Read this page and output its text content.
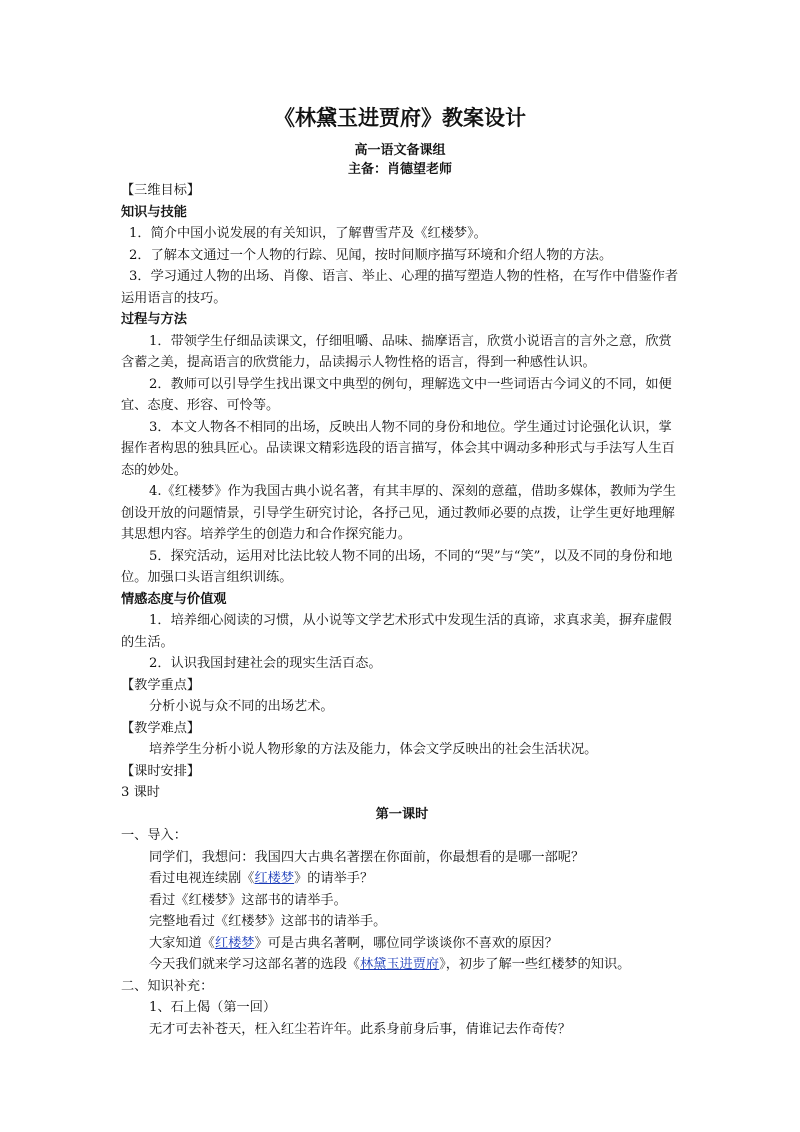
《林黛玉进贾府》教案设计
高一语文备课组
主备：肖德望老师

【三维目标】

知识与技能

1．简介中国小说发展的有关知识，了解曹雪芹及《红楼梦》。

2．了解本文通过一个人物的行踪、见闻，按时间顺序描写环境和介绍人物的方法。

3．学习通过人物的出场、肖像、语言、举止、心理的描写塑造人物的性格，在写作中借鉴作者运用语言的技巧。

过程与方法

1．带领学生仔细品读课文，仔细咀嚼、品味、揣摩语言，欣赏小说语言的言外之意，欣赏含蓄之美，提高语言的欣赏能力，品读揭示人物性格的语言，得到一种感性认识。

2．教师可以引导学生找出课文中典型的例句，理解选文中一些词语古今词义的不同，如便宜、态度、形容、可怜等。

3．本文人物各不相同的出场，反映出人物不同的身份和地位。学生通过讨论强化认识，掌握作者构思的独具匠心。品读课文精彩选段的语言描写，体会其中调动多种形式与手法写人生百态的妙处。

4.《红楼梦》作为我国古典小说名著，有其丰厚的、深刻的意蕴，借助多媒体，教师为学生创设开放的问题情景，引导学生研究讨论，各抒己见，通过教师必要的点拨，让学生更好地理解其思想内容。培养学生的创造力和合作探究能力。

5．探究活动，运用对比法比较人物不同的出场，不同的“哭”与“笑”，以及不同的身份和地位。加强口头语言组织训练。

情感态度与价值观

1．培养细心阅读的习惯，从小说等文学艺术形式中发现生活的真谛，求真求美，摒弃虚假的生活。

2．认识我国封建社会的现实生活百态。

【教学重点】

分析小说与众不同的出场艺术。

【教学难点】

培养学生分析小说人物形象的方法及能力，体会文学反映出的社会生活状况。

【课时安排】

3 课时

第一课时

一、导入：

同学们，我想问：我国四大古典名著摆在你面前，你最想看的是哪一部呢？

看过电视连续剧《红楼梦》的请举手？

看过《红楼梦》这部书的请举手。

完整地看过《红楼梦》这部书的请举手。

大家知道《红楼梦》可是古典名著啊，哪位同学谈谈你不喜欢的原因？

今天我们就来学习这部名著的选段《林黛玉进贾府》，初步了解一些红楼梦的知识。

二、知识补充：

1、石上偈（第一回）

无才可去补苍天，枉入红尘若许年。此系身前身后事，倩谁记去作奇传？
